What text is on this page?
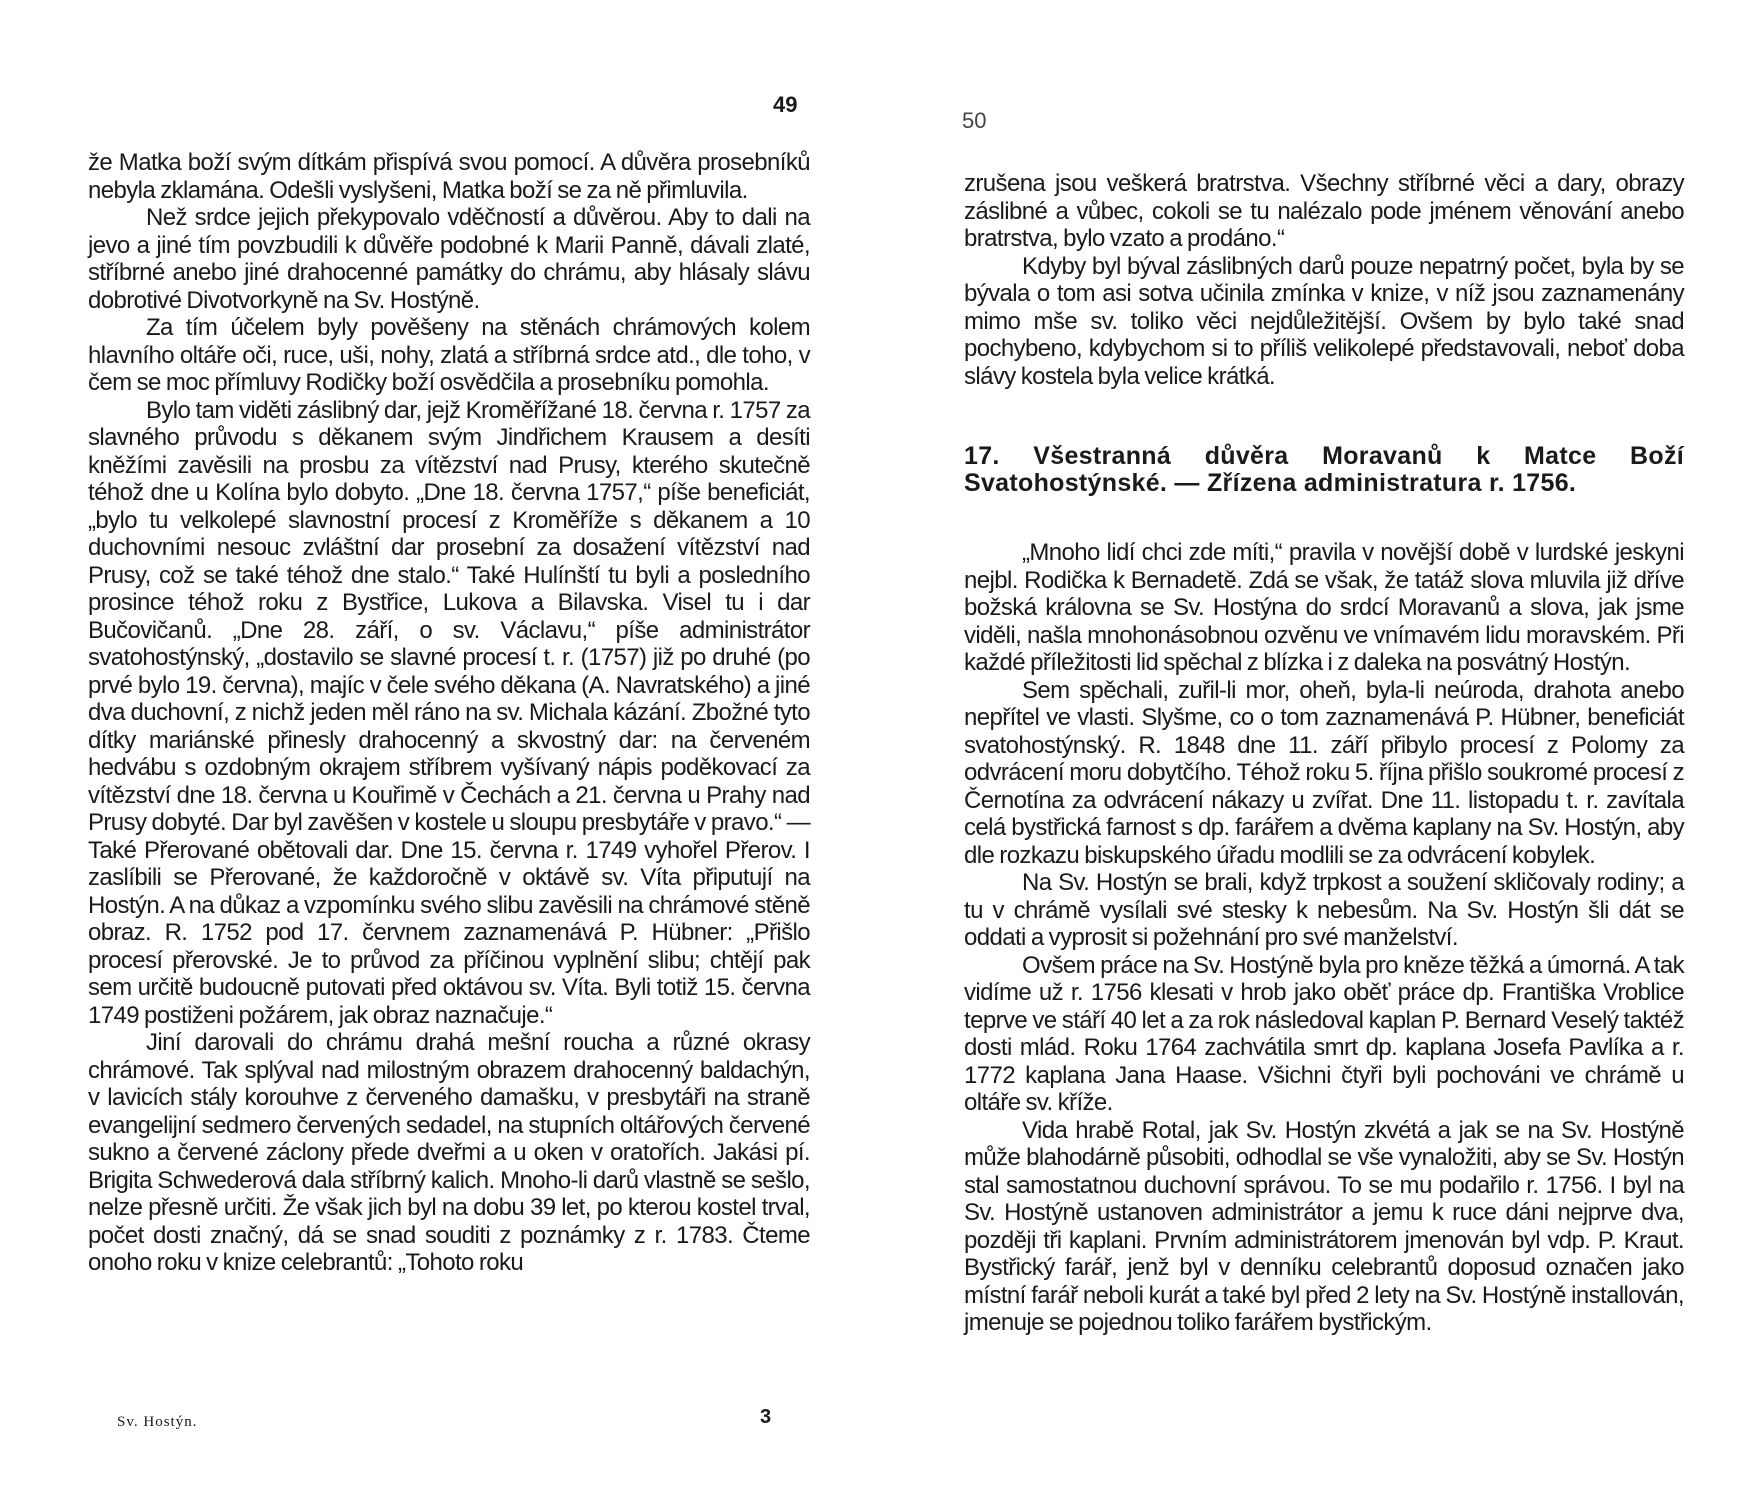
49

že Matka boží svým dítkám přispívá svou pomocí. A důvěra prosebníků nebyla zklamána. Odešli vyslyšeni, Matka boží se za ně přimluvila.

Než srdce jejich překypovalo vděčností a důvěrou. Aby to dali na jevo a jiné tím povzbudili k důvěře podobné k Marii Panně, dávali zlaté, stříbrné anebo jiné drahocenné památky do chrámu, aby hlásaly slávu dobrotivé Divotvorkyně na Sv. Hostýně.

Za tím účelem byly pověšeny na stěnách chrámových kolem hlavního oltáře oči, ruce, uši, nohy, zlatá a stříbrná srdce atd., dle toho, v čem se moc přímluvy Rodičky boží osvědčila a prosebníku pomohla.

Bylo tam viděti záslibný dar, jejž Kroměřížané 18. června r. 1757 za slavného průvodu s děkanem svým Jindřichem Krausem a desíti kněžími zavěsili na prosbu za vítězství nad Prusy, kterého skutečně téhož dne u Kolína bylo dobyto. „Dne 18. června 1757,“ píše beneficiát, „bylo tu velkolepé slavnostní procesí z Kroměříže s děkanem a 10 duchovními nesouc zvláštní dar prosební za dosažení vítězství nad Prusy, což se také téhož dne stalo.“ Také Hulínští tu byli a posledního prosince téhož roku z Bystřice, Lukova a Bilavska. Visel tu i dar Bučovičanů. „Dne 28. září, o sv. Václavu,“ píše administrátor svatohostýnský, „dostavilo se slavné procesí t. r. (1757) již po druhé (po prvé bylo 19. června), majíc v čele svého děkana (A. Navratského) a jiné dva duchovní, z nichž jeden měl ráno na sv. Michala kázání. Zbožné tyto dítky mariánské přinesly drahocenný a skvostný dar: na červeném hedvábu s ozdobným okrajem stříbrem vyšívaný nápis poděkovací za vítězství dne 18. června u Kouřimě v Čechách a 21. června u Prahy nad Prusy dobyté. Dar byl zavěšen v kostele u sloupu presbytáře v pravo.“ — Také Přerované obětovali dar. Dne 15. června r. 1749 vyhořel Přerov. I zaslíbili se Přerované, že každoročně v oktávě sv. Víta připutují na Hostýn. A na důkaz a vzpomínku svého slibu zavěsili na chrámové stěně obraz. R. 1752 pod 17. červnem zaznamenává P. Hübner: „Přišlo procesí přerovské. Je to průvod za příčinou vyplnění slibu; chtějí pak sem určitě budoucně putovati před oktávou sv. Víta. Byli totiž 15. června 1749 postiženi požárem, jak obraz naznačuje.“

Jiní darovali do chrámu drahá mešní roucha a různé okrasy chrámové. Tak splýval nad milostným obrazem drahocenný baldachýn, v lavicích stály korouhve z červeného damašku, v presbytáři na straně evangelijní sedmero červených sedadel, na stupních oltářových červené sukno a červené záclony přede dveřmi a u oken v oratořích. Jakási pí. Brigita Schwederová dala stříbrný kalich. Mnoho-li darů vlastně se sešlo, nelze přesně určiti. Že však jich byl na dobu 39 let, po kterou kostel trval, počet dosti značný, dá se snad souditi z poznámky z r. 1783. Čteme onoho roku v knize celebrantů: „Tohoto roku

Sv. Hostýn.	3

50

zrušena jsou veškerá bratrstva. Všechny stříbrné věci a dary, obrazy záslibné a vůbec, cokoli se tu nalézalo pode jménem věnování anebo bratrstva, bylo vzato a prodáno.“

Kdyby byl býval záslibných darů pouze nepatrný počet, byla by se bývala o tom asi sotva učinila zmínka v knize, v níž jsou zaznamenány mimo mše sv. toliko věci nejdůležitější. Ovšem by bylo také snad pochybeno, kdybychom si to příliš velikolepé představovali, neboť doba slávy kostela byla velice krátká.

17. Všestranná důvěra Moravanů k Matce Boží Svatohostýnské. — Zřízena administratura r. 1756.

„Mnoho lidí chci zde míti,“ pravila v novější době v lurdské jeskyni nejbl. Rodička k Bernadetě. Zdá se však, že tatáž slova mluvila již dříve božská královna se Sv. Hostýna do srdcí Moravanů a slova, jak jsme viděli, našla mnohonásobnou ozvěnu ve vnímavém lidu moravském. Při každé příležitosti lid spěchal z blízka i z daleka na posvátný Hostýn.

Sem spěchali, zuřil-li mor, oheň, byla-li neúroda, drahota anebo nepřítel ve vlasti. Slyšme, co o tom zaznamenává P. Hübner, beneficiát svatohostýnský. R. 1848 dne 11. září přibylo procesí z Polomy za odvrácení moru dobytčího. Téhož roku 5. října přišlo soukromé procesí z Černotína za odvrácení nákazy u zvířat. Dne 11. listopadu t. r. zavítala celá bystřická farnost s dp. farářem a dvěma kaplany na Sv. Hostýn, aby dle rozkazu biskupského úřadu modlili se za odvrácení kobylek.

Na Sv. Hostýn se brali, když trpkost a soužení skličovaly rodiny; a tu v chrámě vysílali své stesky k nebesům. Na Sv. Hostýn šli dát se oddati a vyprosit si požehnání pro své manželství.

Ovšem práce na Sv. Hostýně byla pro kněze těžká a úmorná. A tak vidíme už r. 1756 klesati v hrob jako oběť práce dp. Františka Vroblice teprve ve stáří 40 let a za rok následoval kaplan P. Bernard Veselý taktéž dosti mlád. Roku 1764 zachvátila smrt dp. kaplana Josefa Pavlíka a r. 1772 kaplana Jana Haase. Všichni čtyři byli pochováni ve chrámě u oltáře sv. kříže.

Vida hrabě Rotal, jak Sv. Hostýn zkvétá a jak se na Sv. Hostýně může blahodárně působiti, odhodlal se vše vynaložiti, aby se Sv. Hostýn stal samostatnou duchovní správou. To se mu podařilo r. 1756. I byl na Sv. Hostýně ustanoven administrátor a jemu k ruce dáni nejprve dva, později tři kaplani. Prvním administrátorem jmenován byl vdp. P. Kraut. Bystřický farář, jenž byl v denníku celebrantů doposud označen jako místní farář neboli kurát a také byl před 2 lety na Sv. Hostýně installován, jmenuje se pojednou toliko farářem bystřickým.
